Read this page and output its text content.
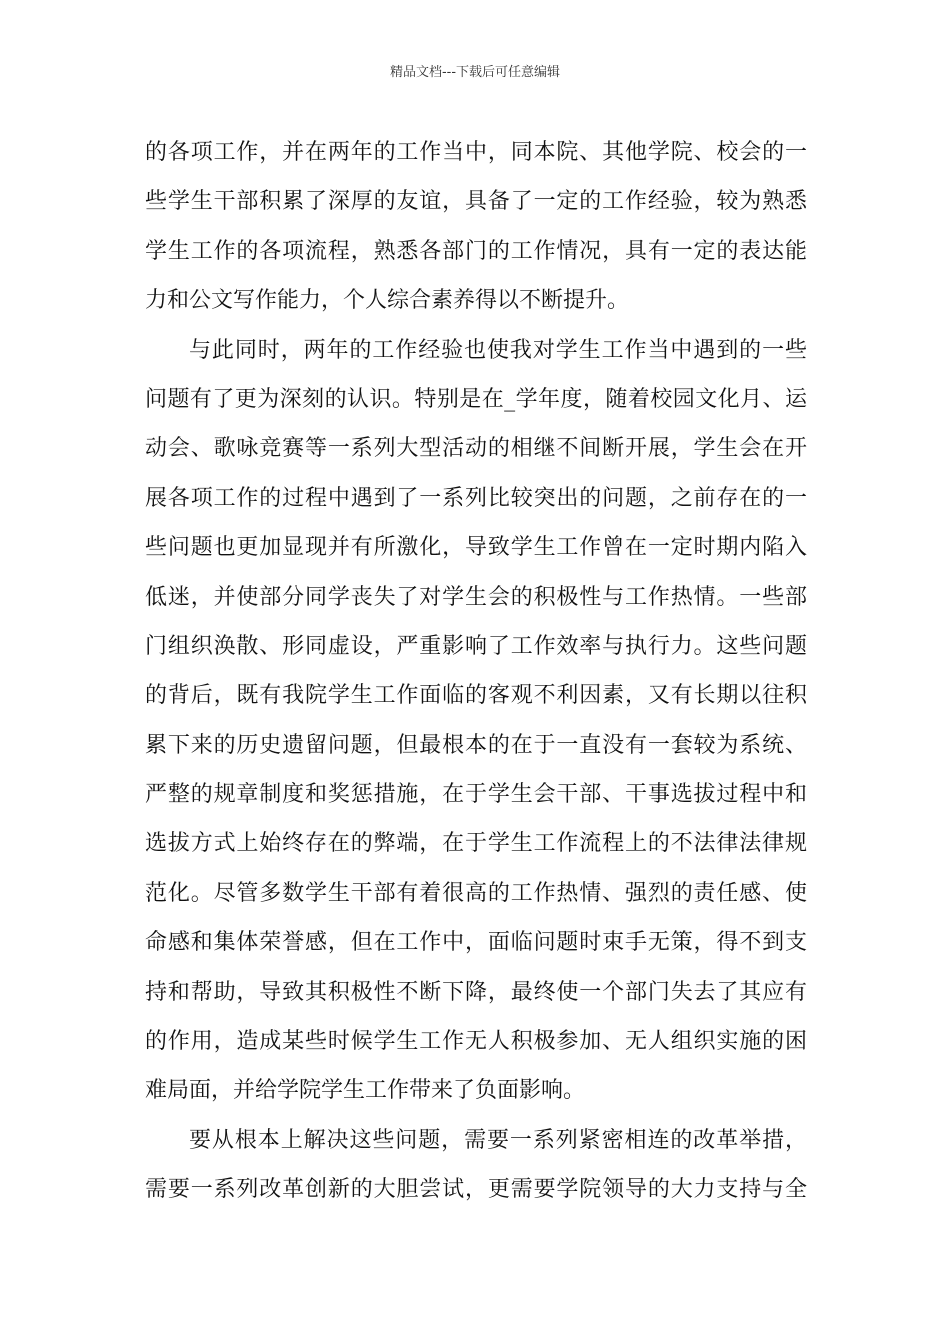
精品文档---下载后可任意编辑
的各项工作，并在两年的工作当中，同本院、其他学院、校会的一
些学生干部积累了深厚的友谊，具备了一定的工作经验，较为熟悉
学生工作的各项流程，熟悉各部门的工作情况，具有一定的表达能
力和公文写作能力，个人综合素养得以不断提升。
与此同时，两年的工作经验也使我对学生工作当中遇到的一些
问题有了更为深刻的认识。特别是在_学年度，随着校园文化月、运
动会、歌咏竞赛等一系列大型活动的相继不间断开展，学生会在开
展各项工作的过程中遇到了一系列比较突出的问题，之前存在的一
些问题也更加显现并有所激化，导致学生工作曾在一定时期内陷入
低迷，并使部分同学丧失了对学生会的积极性与工作热情。一些部
门组织涣散、形同虚设，严重影响了工作效率与执行力。这些问题
的背后，既有我院学生工作面临的客观不利因素，又有长期以往积
累下来的历史遗留问题，但最根本的在于一直没有一套较为系统、
严整的规章制度和奖惩措施，在于学生会干部、干事选拔过程中和
选拔方式上始终存在的弊端，在于学生工作流程上的不法律法律规
范化。尽管多数学生干部有着很高的工作热情、强烈的责任感、使
命感和集体荣誉感，但在工作中，面临问题时束手无策，得不到支
持和帮助，导致其积极性不断下降，最终使一个部门失去了其应有
的作用，造成某些时候学生工作无人积极参加、无人组织实施的困
难局面，并给学院学生工作带来了负面影响。
要从根本上解决这些问题，需要一系列紧密相连的改革举措，
需要一系列改革创新的大胆尝试，更需要学院领导的大力支持与全
